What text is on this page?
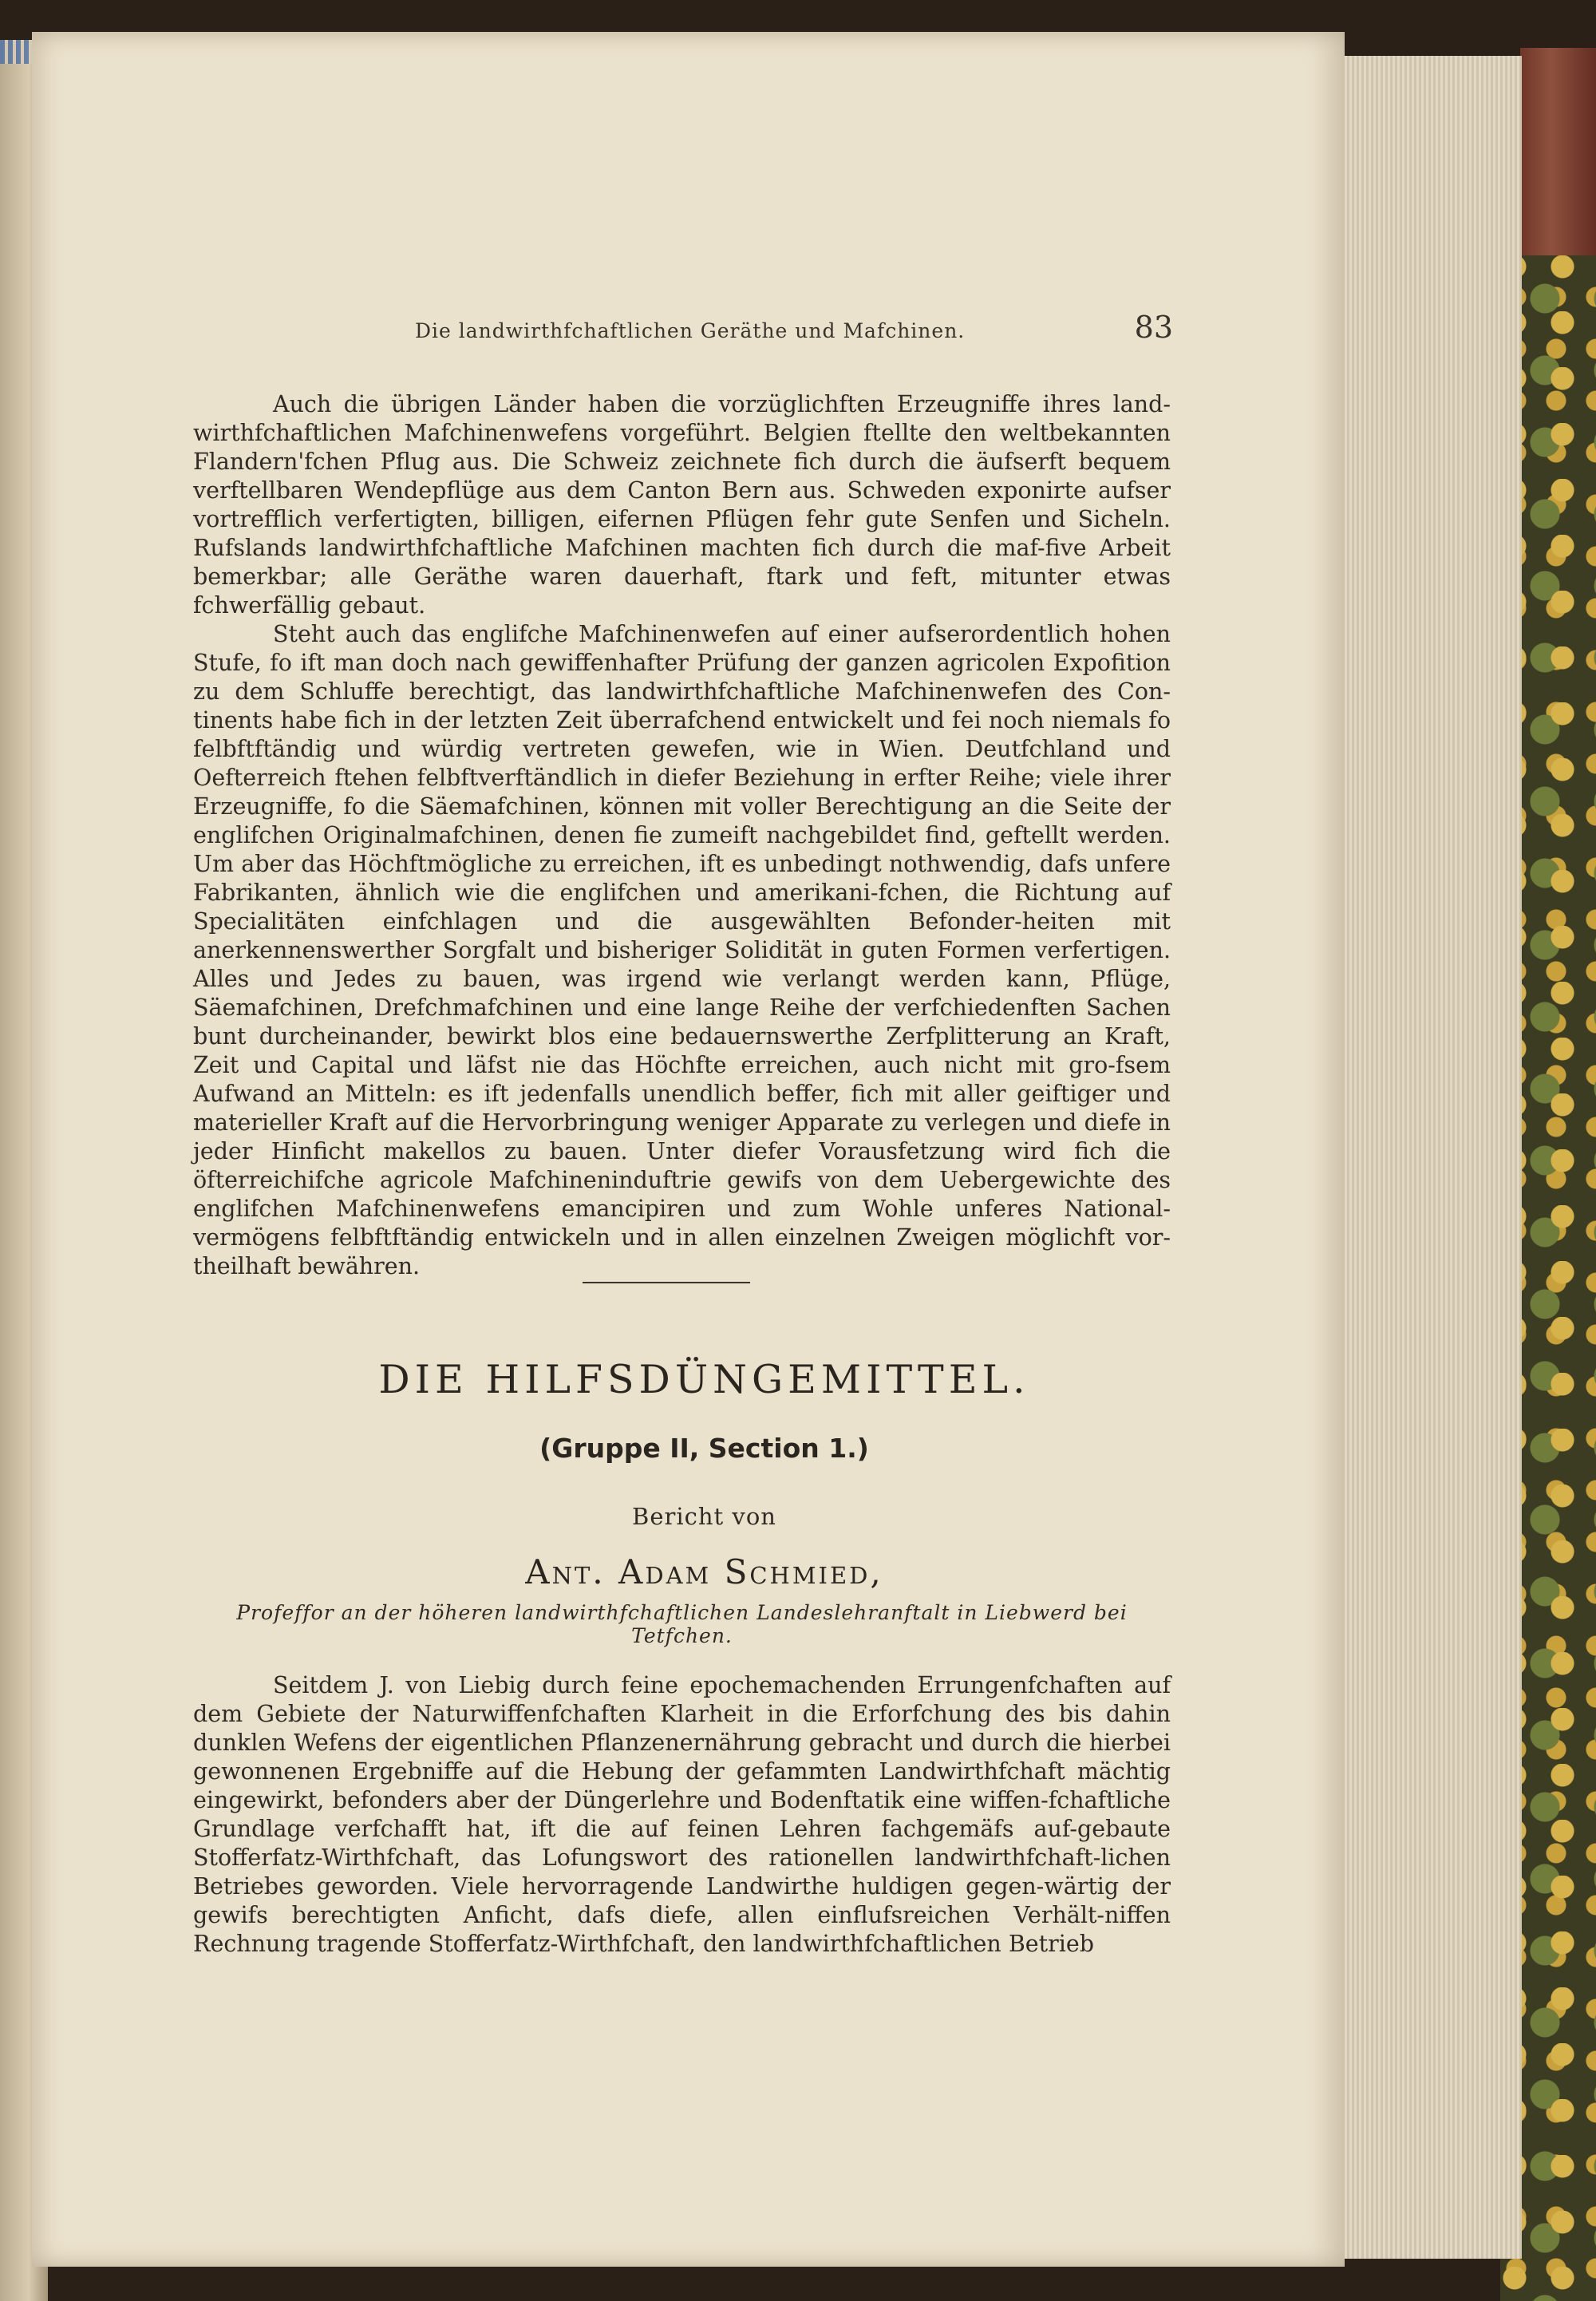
Die landwirthfchaftlichen Geräthe und Mafchinen.	83

Auch die übrigen Länder haben die vorzüglichften Erzeugniffe ihres land-wirthfchaftlichen Mafchinenwefens vorgeführt. Belgien ftellte den weltbekannten Flandern'fchen Pflug aus. Die Schweiz zeichnete fich durch die äufserft bequem verftellbaren Wendepflüge aus dem Canton Bern aus. Schweden exponirte aufser vortrefflich verfertigten, billigen, eifernen Pflügen fehr gute Senfen und Sicheln. Rufslands landwirthfchaftliche Mafchinen machten fich durch die maf-five Arbeit bemerkbar; alle Geräthe waren dauerhaft, ftark und feft, mitunter etwas fchwerfällig gebaut.

Steht auch das englifche Mafchinenwefen auf einer aufserordentlich hohen Stufe, fo ift man doch nach gewiffenhafter Prüfung der ganzen agricolen Expofition zu dem Schluffe berechtigt, das landwirthfchaftliche Mafchinenwefen des Con-tinents habe fich in der letzten Zeit überrafchend entwickelt und fei noch niemals fo felbftftändig und würdig vertreten gewefen, wie in Wien. Deutfchland und Oefterreich ftehen felbftverftändlich in diefer Beziehung in erfter Reihe; viele ihrer Erzeugniffe, fo die Säemafchinen, können mit voller Berechtigung an die Seite der englifchen Originalmafchinen, denen fie zumeift nachgebildet find, geftellt werden. Um aber das Höchftmögliche zu erreichen, ift es unbedingt nothwendig, dafs unfere Fabrikanten, ähnlich wie die englifchen und amerikani-fchen, die Richtung auf Specialitäten einfchlagen und die ausgewählten Befonder-heiten mit anerkennenswerther Sorgfalt und bisheriger Solidität in guten Formen verfertigen. Alles und Jedes zu bauen, was irgend wie verlangt werden kann, Pflüge, Säemafchinen, Drefchmafchinen und eine lange Reihe der verfchiedenften Sachen bunt durcheinander, bewirkt blos eine bedauernswerthe Zerfplitterung an Kraft, Zeit und Capital und läfst nie das Höchfte erreichen, auch nicht mit gro-fsem Aufwand an Mitteln: es ift jedenfalls unendlich beffer, fich mit aller geiftiger und materieller Kraft auf die Hervorbringung weniger Apparate zu verlegen und diefe in jeder Hinficht makellos zu bauen. Unter diefer Vorausfetzung wird fich die öfterreichifche agricole Mafchineninduftrie gewifs von dem Uebergewichte des englifchen Mafchinenwefens emancipiren und zum Wohle unferes National-vermögens felbftftändig entwickeln und in allen einzelnen Zweigen möglichft vor-theilhaft bewähren.

DIE HILFSDÜNGEMITTEL.
(Gruppe II, Section 1.)
Bericht von
Ant. Adam Schmied,
Profeffor an der höheren landwirthfchaftlichen Landeslehranftalt in Liebwerd bei Tetfchen.

Seitdem J. von Liebig durch feine epochemachenden Errungenfchaften auf dem Gebiete der Naturwiffenfchaften Klarheit in die Erforfchung des bis dahin dunklen Wefens der eigentlichen Pflanzenernährung gebracht und durch die hierbei gewonnenen Ergebniffe auf die Hebung der gefammten Landwirthfchaft mächtig eingewirkt, befonders aber der Düngerlehre und Bodenftatik eine wiffen-fchaftliche Grundlage verfchafft hat, ift die auf feinen Lehren fachgemäfs auf-gebaute Stofferfatz-Wirthfchaft, das Lofungswort des rationellen landwirthfchaft-lichen Betriebes geworden. Viele hervorragende Landwirthe huldigen gegen-wärtig der gewifs berechtigten Anficht, dafs diefe, allen einflufsreichen Verhält-niffen Rechnung tragende Stofferfatz-Wirthfchaft, den landwirthfchaftlichen Betrieb
